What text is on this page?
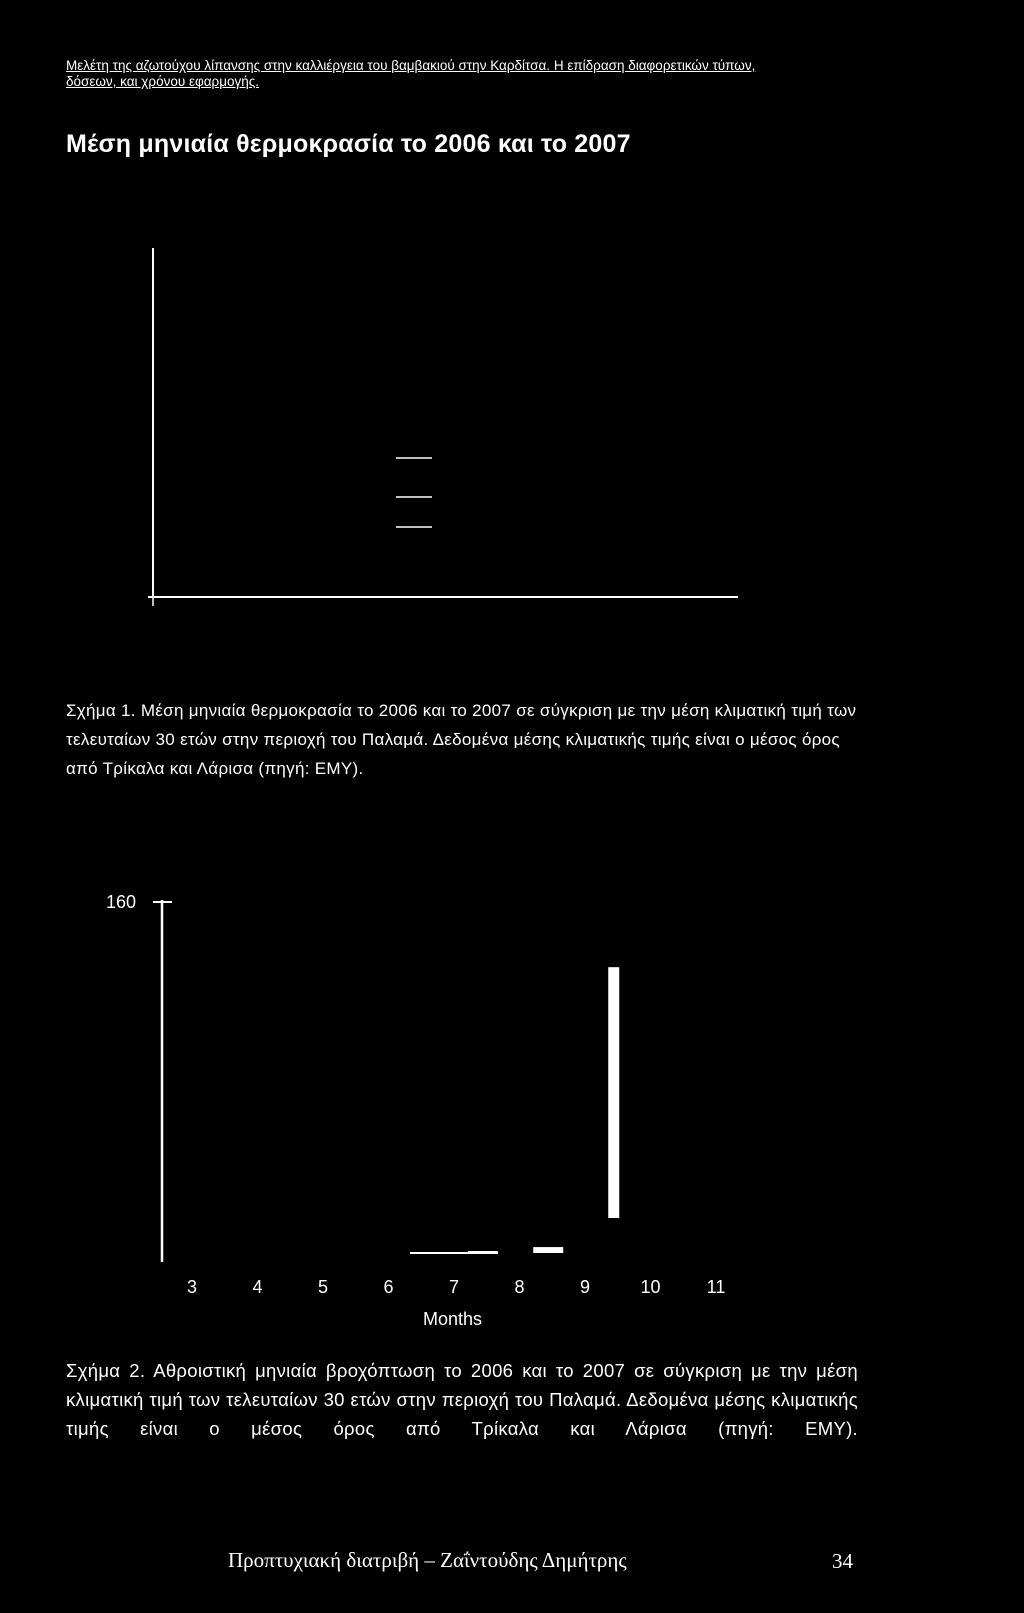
Μελέτη της αζωτούχου λίπανσης στην καλλιέργεια του βαμβακιού στην Καρδίτσα. Η επίδραση διαφορετικών τύπων,
δόσεων, και χρόνου εφαρμογής.
Μέση μηνιαία θερμοκρασία το 2006 και το 2007
160
Months
3	4	5	6	7	8	9	10	11
Σχήμα 1. Μέση μηνιαία θερμοκρασία το 2006 και το 2007 σε σύγκριση με την μέση κλιματική τιμή των τελευταίων 30 ετών στην περιοχή του Παλαμά. Δεδομένα μέσης κλιματικής τιμής είναι ο μέσος όρος από Τρίκαλα και Λάρισα (πηγή: ΕΜΥ).
Σχήμα 2. Αθροιστική μηνιαία βροχόπτωση το 2006 και το 2007 σε σύγκριση με την μέση κλιματική τιμή των τελευταίων 30 ετών στην περιοχή του Παλαμά. Δεδομένα μέσης κλιματικής τιμής είναι ο μέσος όρος από Τρίκαλα και Λάρισα (πηγή: ΕΜΥ).
Προπτυχιακή διατριβή – Ζαΐντούδης Δημήτρης	34
